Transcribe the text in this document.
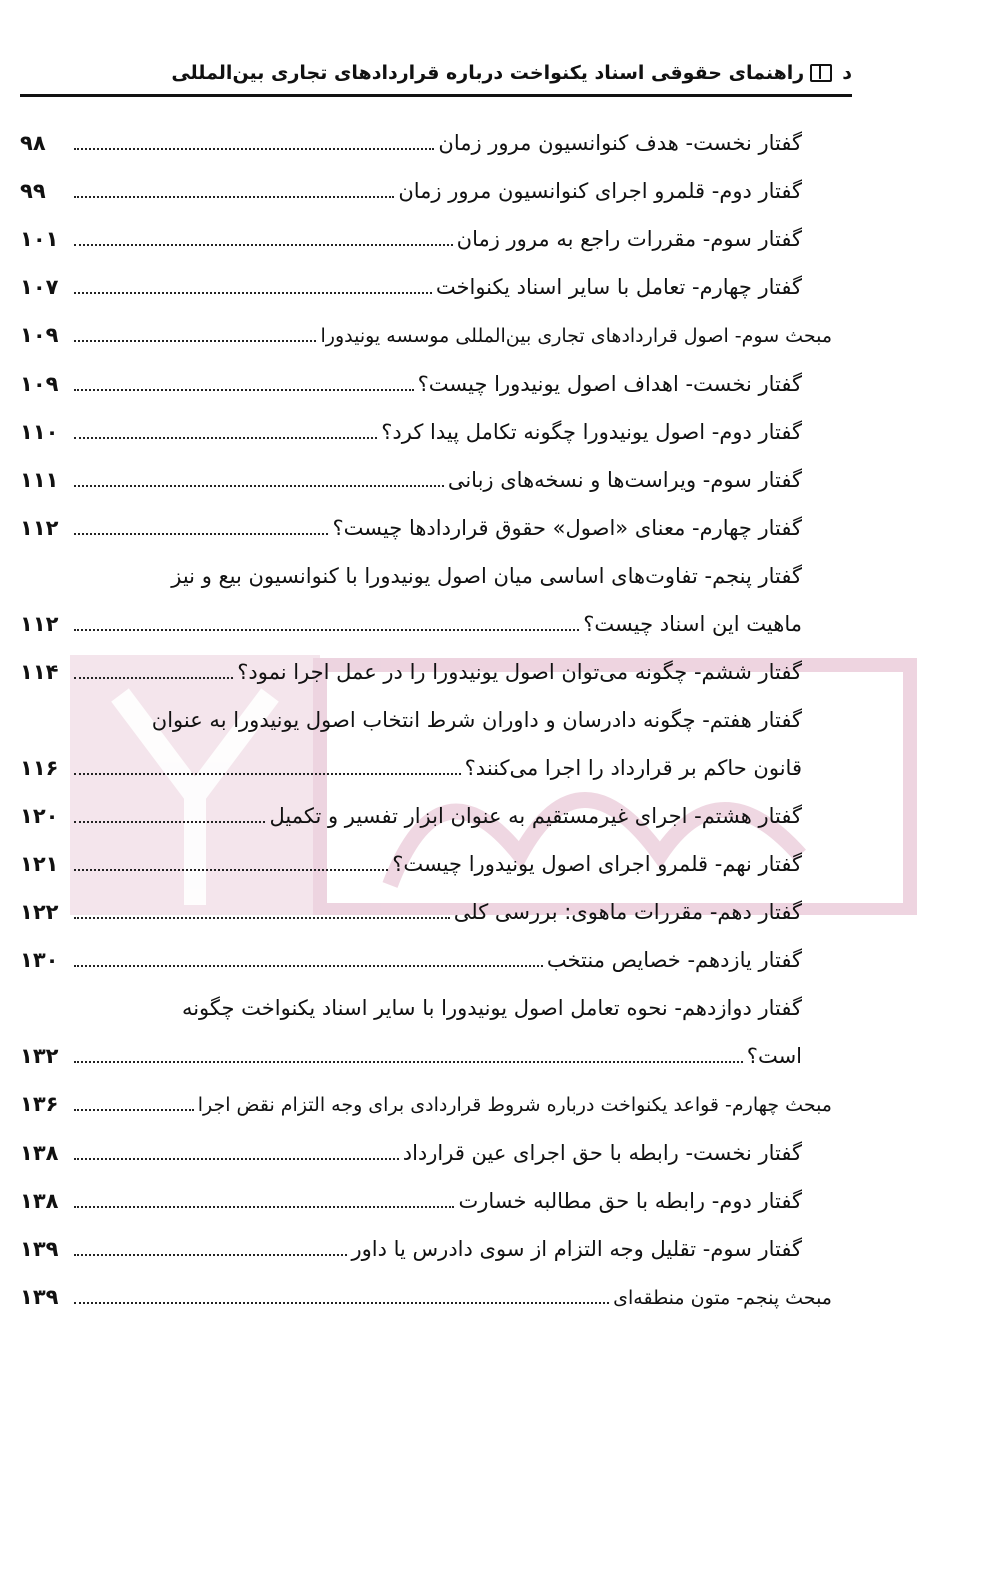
د
راهنمای حقوقی اسناد یکنواخت درباره قراردادهای تجاری بین‌المللی
گفتار نخست- هدف کنوانسیون مرور زمان
۹۸
گفتار دوم- قلمرو اجرای کنوانسیون مرور زمان
۹۹
گفتار سوم- مقررات راجع به مرور زمان
۱۰۱
گفتار چهارم- تعامل با سایر اسناد یکنواخت
۱۰۷
مبحث سوم- اصول قراردادهای تجاری بین‌المللی موسسه یونیدورا
۱۰۹
گفتار نخست- اهداف اصول یونیدورا چیست؟
۱۰۹
گفتار دوم- اصول یونیدورا چگونه تکامل پیدا کرد؟
۱۱۰
گفتار سوم- ویراست‌ها و نسخه‌های زبانی
۱۱۱
گفتار چهارم- معنای «اصول» حقوق قراردادها چیست؟
۱۱۲
گفتار پنجم- تفاوت‌های اساسی میان اصول یونیدورا با کنوانسیون بیع و نیز
ماهیت این اسناد چیست؟
۱۱۲
گفتار ششم- چگونه می‌توان اصول یونیدورا را در عمل اجرا نمود؟
۱۱۴
گفتار هفتم- چگونه دادرسان و داوران شرط انتخاب اصول یونیدورا به عنوان
قانون حاکم بر قرارداد را اجرا می‌کنند؟
۱۱۶
گفتار هشتم- اجرای غیرمستقیم به عنوان ابزار تفسیر و تکمیل
۱۲۰
گفتار نهم- قلمرو اجرای اصول یونیدورا چیست؟
۱۲۱
گفتار دهم- مقررات ماهوی: بررسی کلی
۱۲۲
گفتار یازدهم- خصایص منتخب
۱۳۰
گفتار دوازدهم- نحوه تعامل اصول یونیدورا با سایر اسناد یکنواخت چگونه
است؟
۱۳۲
مبحث چهارم- قواعد یکنواخت درباره شروط قراردادی برای وجه التزام نقض اجرا
۱۳۶
گفتار نخست- رابطه با حق اجرای عین قرارداد
۱۳۸
گفتار دوم- رابطه با حق مطالبه خسارت
۱۳۸
گفتار سوم- تقلیل وجه التزام از سوی دادرس یا داور
۱۳۹
مبحث پنجم- متون منطقه‌ای
۱۳۹
